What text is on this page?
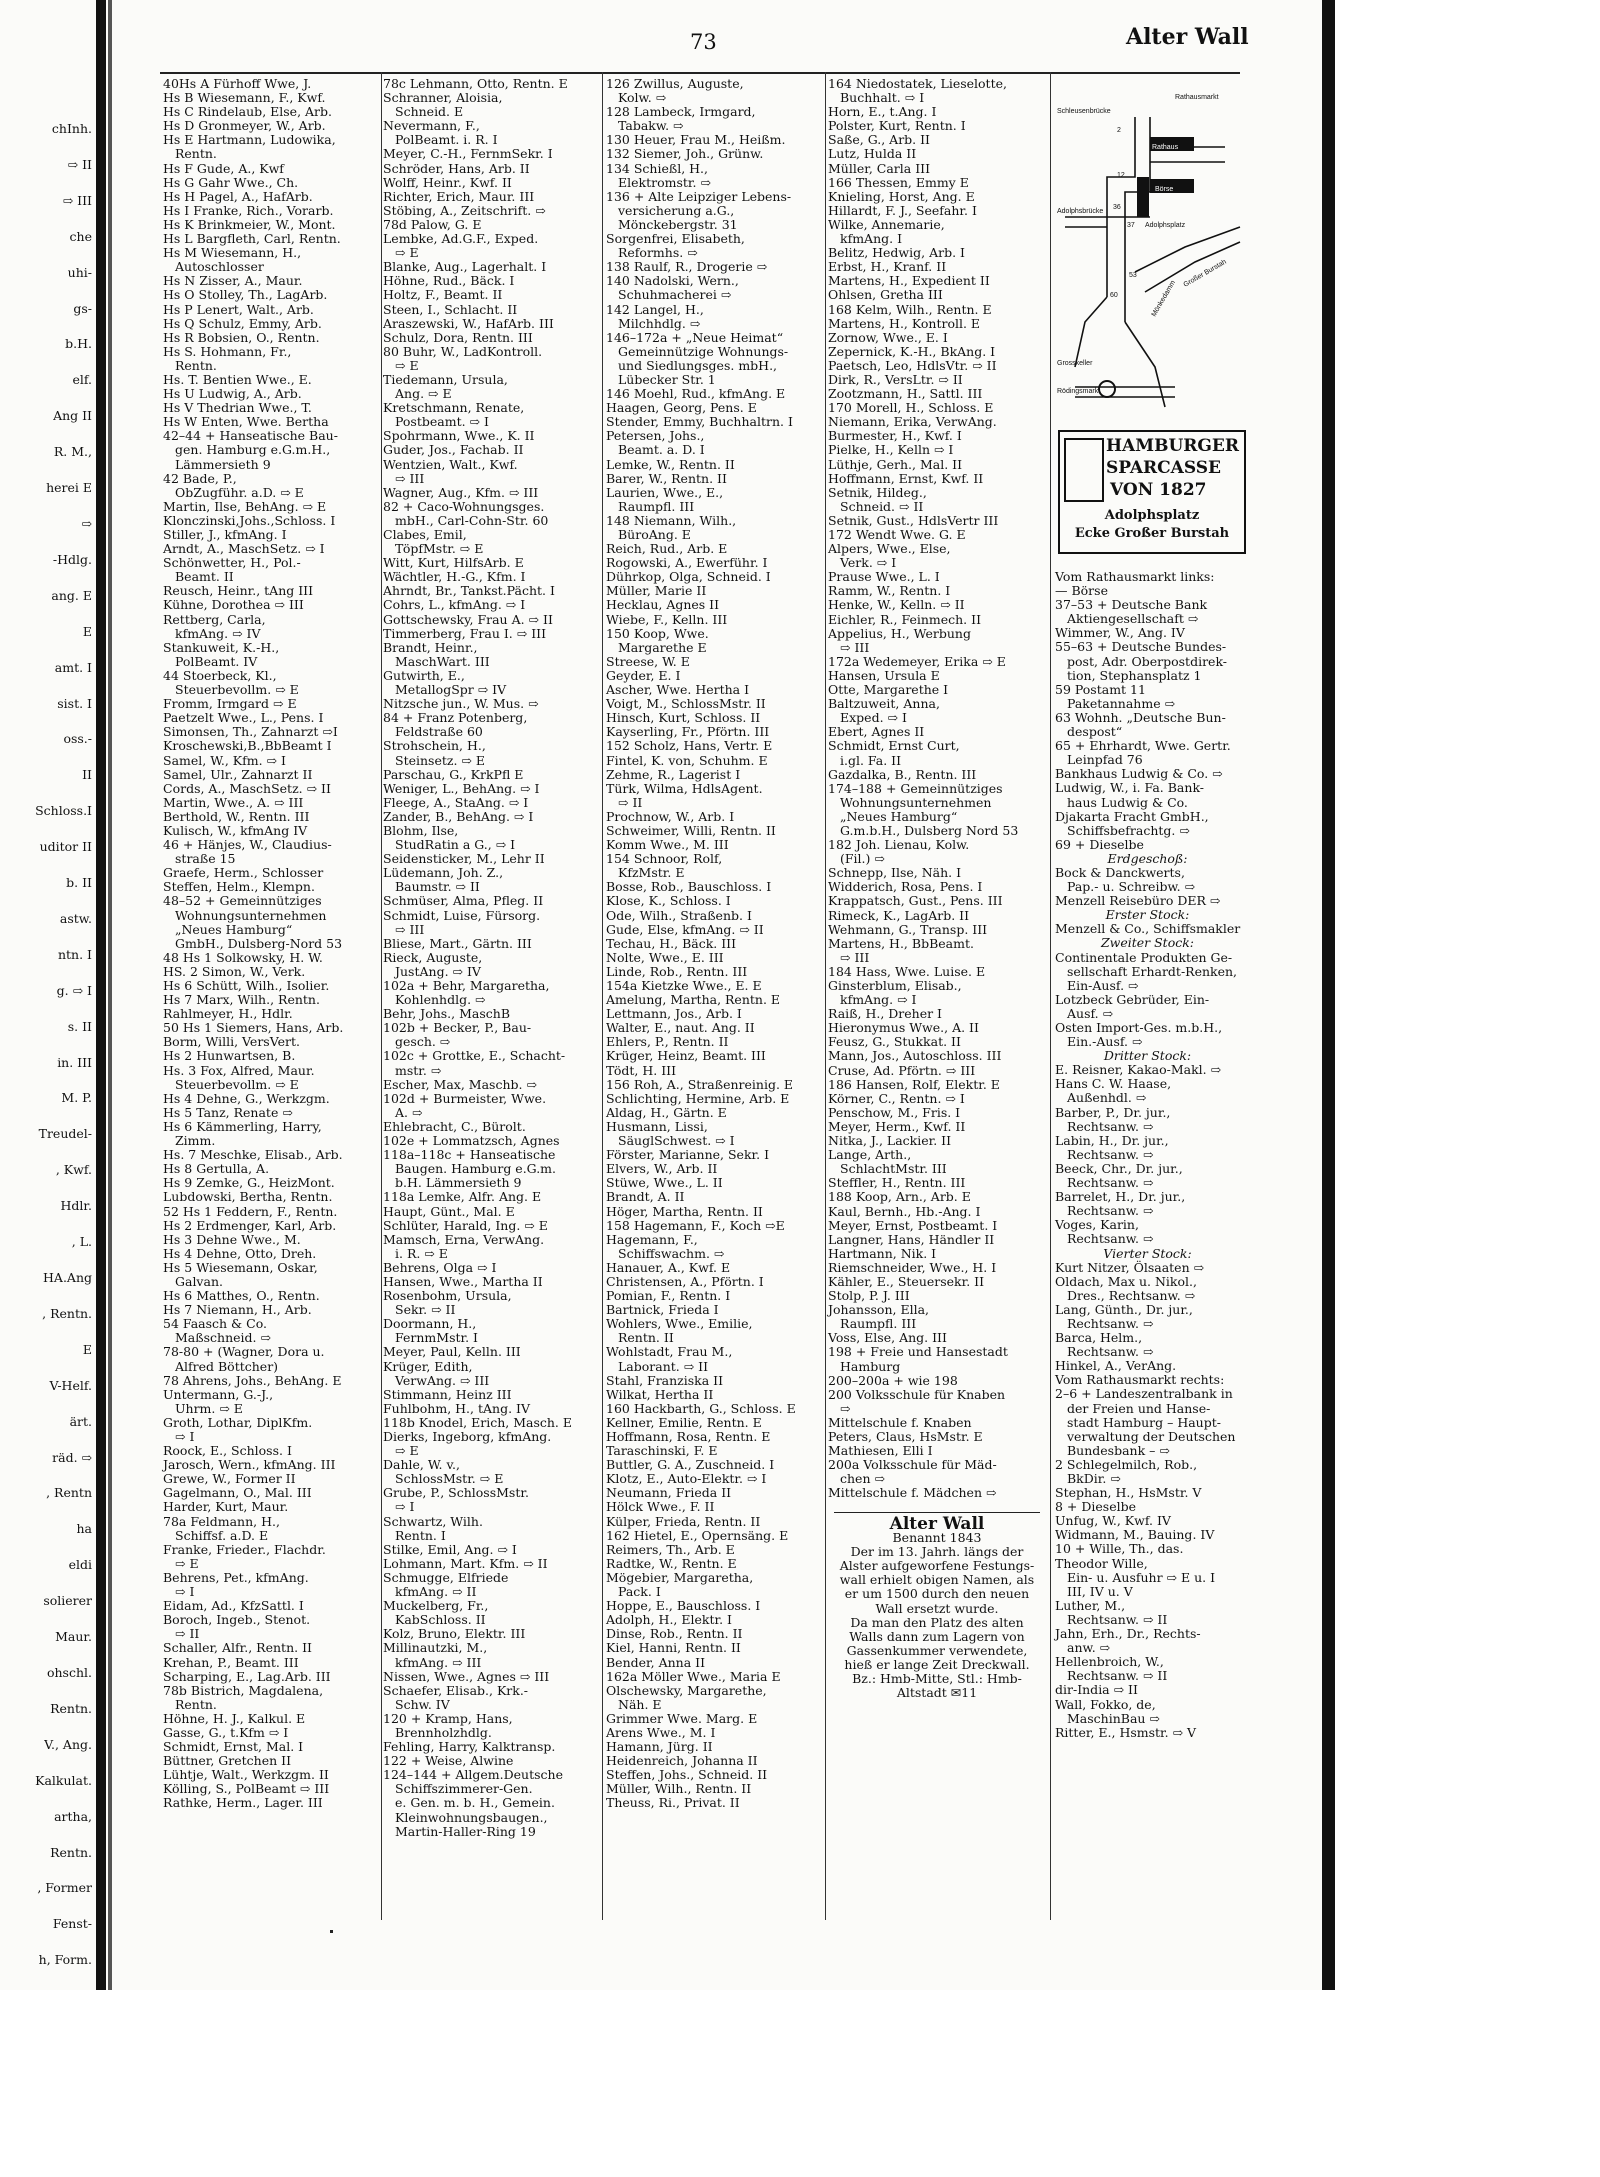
chInh.
⇨ II
⇨ III
che
uhi-
gs-
b.H.
elf.
Ang II
R. M.,
herei E
⇨
-Hdlg.
ang. E
E
amt. I
sist. I
oss.-
II
Schloss.I
uditor II
b. II
astw.
ntn. I
g. ⇨ I
s. II
in. III
M. P.
Treudel-
, Kwf.
Hdlr.
, L.
HA.Ang
, Rentn.
E
V-Helf.
ärt.
räd. ⇨
, Rentn
ha
eldi
solierer
Maur.
ohschl.
Rentn.
V., Ang.
Kalkulat.
artha,
Rentn.
, Former
Fenst-
h, Form.
73	Alter Wall
40Hs A Fürhoff Wwe, J.
Hs B Wiesemann, F., Kwf.
Hs C Rindelaub, Else, Arb.
Hs D Gronmeyer, W., Arb.
Hs E Hartmann, Ludowika,
Rentn.
Hs F Gude, A., Kwf
Hs G Gahr Wwe., Ch.
Hs H Pagel, A., HafArb.
Hs I Franke, Rich., Vorarb.
Hs K Brinkmeier, W., Mont.
Hs L Bargfleth, Carl, Rentn.
Hs M Wiesemann, H.,
Autoschlosser
Hs N Zisser, A., Maur.
Hs O Stolley, Th., LagArb.
Hs P Lenert, Walt., Arb.
Hs Q Schulz, Emmy, Arb.
Hs R Bobsien, O., Rentn.
Hs S. Hohmann, Fr.,
Rentn.
Hs. T. Bentien Wwe., E.
Hs U Ludwig, A., Arb.
Hs V Thedrian Wwe., T.
Hs W Enten, Wwe. Bertha
42–44 + Hanseatische Bau-
gen. Hamburg e.G.m.H.,
Lämmersieth 9
42 Bade, P.,
ObZugführ. a.D. ⇨ E
Martin, Ilse, BehAng. ⇨ E
Klonczinski,Johs.,Schloss. I
Stiller, J., kfmAng. I
Arndt, A., MaschSetz. ⇨ I
Schönwetter, H., Pol.-
Beamt. II
Reusch, Heinr., tAng III
Kühne, Dorothea ⇨ III
Rettberg, Carla,
kfmAng. ⇨ IV
Stankuweit, K.-H.,
PolBeamt. IV
44 Stoerbeck, Kl.,
Steuerbevollm. ⇨ E
Fromm, Irmgard ⇨ E
Paetzelt Wwe., L., Pens. I
Simonsen, Th., Zahnarzt ⇨I
Kroschewski,B.,BbBeamt I
Samel, W., Kfm. ⇨ I
Samel, Ulr., Zahnarzt II
Cords, A., MaschSetz. ⇨ II
Martin, Wwe., A. ⇨ III
Berthold, W., Rentn. III
Kulisch, W., kfmAng IV
46 + Hänjes, W., Claudius-
straße 15
Graefe, Herm., Schlosser
Steffen, Helm., Klempn.
48–52 + Gemeinnütziges
Wohnungsunternehmen
„Neues Hamburg“
GmbH., Dulsberg-Nord 53
48 Hs 1 Solkowsky, H. W.
HS. 2 Simon, W., Verk.
Hs 6 Schütt, Wilh., Isolier.
Hs 7 Marx, Wilh., Rentn.
Rahlmeyer, H., Hdlr.
50 Hs 1 Siemers, Hans, Arb.
Borm, Willi, VersVert.
Hs 2 Hunwartsen, B.
Hs. 3 Fox, Alfred, Maur.
Steuerbevollm. ⇨ E
Hs 4 Dehne, G., Werkzgm.
Hs 5 Tanz, Renate ⇨
Hs 6 Kämmerling, Harry,
Zimm.
Hs. 7 Meschke, Elisab., Arb.
Hs 8 Gertulla, A.
Hs 9 Zemke, G., HeizMont.
Lubdowski, Bertha, Rentn.
52 Hs 1 Feddern, F., Rentn.
Hs 2 Erdmenger, Karl, Arb.
Hs 3 Dehne Wwe., M.
Hs 4 Dehne, Otto, Dreh.
Hs 5 Wiesemann, Oskar,
Galvan.
Hs 6 Matthes, O., Rentn.
Hs 7 Niemann, H., Arb.
54 Faasch & Co.
Maßschneid. ⇨
78-80 + (Wagner, Dora u.
Alfred Böttcher)
78 Ahrens, Johs., BehAng. E
Untermann, G.-J.,
Uhrm. ⇨ E
Groth, Lothar, DiplKfm.
⇨ I
Roock, E., Schloss. I
Jarosch, Wern., kfmAng. III
Grewe, W., Former II
Gagelmann, O., Mal. III
Harder, Kurt, Maur.
78a Feldmann, H.,
Schiffsf. a.D. E
Franke, Frieder., Flachdr.
⇨ E
Behrens, Pet., kfmAng.
⇨ I
Eidam, Ad., KfzSattl. I
Boroch, Ingeb., Stenot.
⇨ II
Schaller, Alfr., Rentn. II
Krehan, P., Beamt. III
Scharping, E., Lag.Arb. III
78b Bistrich, Magdalena,
Rentn.
Höhne, H. J., Kalkul. E
Gasse, G., t.Kfm ⇨ I
Schmidt, Ernst, Mal. I
Büttner, Gretchen II
Lühtje, Walt., Werkzgm. II
Kölling, S., PolBeamt ⇨ III
Rathke, Herm., Lager. III
78c Lehmann, Otto, Rentn. E
Schranner, Aloisia,
Schneid. E
Nevermann, F.,
PolBeamt. i. R. I
Meyer, C.-H., FernmSekr. I
Schröder, Hans, Arb. II
Wolff, Heinr., Kwf. II
Richter, Erich, Maur. III
Stöbing, A., Zeitschrift. ⇨
78d Palow, G. E
Lembke, Ad.G.F., Exped.
⇨ E
Blanke, Aug., Lagerhalt. I
Höhne, Rud., Bäck. I
Holtz, F., Beamt. II
Steen, I., Schlacht. II
Araszewski, W., HafArb. III
Schulz, Dora, Rentn. III
80 Buhr, W., LadKontroll.
⇨ E
Tiedemann, Ursula,
Ang. ⇨ E
Kretschmann, Renate,
Postbeamt. ⇨ I
Spohrmann, Wwe., K. II
Guder, Jos., Fachab. II
Wentzien, Walt., Kwf.
⇨ III
Wagner, Aug., Kfm. ⇨ III
82 + Caco-Wohnungsges.
mbH., Carl-Cohn-Str. 60
Clabes, Emil,
TöpfMstr. ⇨ E
Witt, Kurt, HilfsArb. E
Wächtler, H.-G., Kfm. I
Ahrndt, Br., Tankst.Pächt. I
Cohrs, L., kfmAng. ⇨ I
Gottschewsky, Frau A. ⇨ II
Timmerberg, Frau I. ⇨ III
Brandt, Heinr.,
MaschWart. III
Gutwirth, E.,
MetallogSpr ⇨ IV
Nitzsche jun., W. Mus. ⇨
84 + Franz Potenberg,
Feldstraße 60
Strohschein, H.,
Steinsetz. ⇨ E
Parschau, G., KrkPfl E
Weniger, L., BehAng. ⇨ I
Fleege, A., StaAng. ⇨ I
Zander, B., BehAng. ⇨ I
Blohm, Ilse,
StudRatin a G., ⇨ I
Seidensticker, M., Lehr II
Lüdemann, Joh. Z.,
Baumstr. ⇨ II
Schmüser, Alma, Pfleg. II
Schmidt, Luise, Fürsorg.
⇨ III
Bliese, Mart., Gärtn. III
Rieck, Auguste,
JustAng. ⇨ IV
102a + Behr, Margaretha,
Kohlenhdlg. ⇨
Behr, Johs., MaschB
102b + Becker, P., Bau-
gesch. ⇨
102c + Grottke, E., Schacht-
mstr. ⇨
Escher, Max, Maschb. ⇨
102d + Burmeister, Wwe.
A. ⇨
Ehlebracht, C., Bürolt.
102e + Lommatzsch, Agnes
118a–118c + Hanseatische
Baugen. Hamburg e.G.m.
b.H. Lämmersieth 9
118a Lemke, Alfr. Ang. E
Haupt, Günt., Mal. E
Schlüter, Harald, Ing. ⇨ E
Mamsch, Erna, VerwAng.
i. R. ⇨ E
Behrens, Olga ⇨ I
Hansen, Wwe., Martha II
Rosenbohm, Ursula,
Sekr. ⇨ II
Doormann, H.,
FernmMstr. I
Meyer, Paul, Kelln. III
Krüger, Edith,
VerwAng. ⇨ III
Stimmann, Heinz III
Fuhlbohm, H., tAng. IV
118b Knodel, Erich, Masch. E
Dierks, Ingeborg, kfmAng.
⇨ E
Dahle, W. v.,
SchlossMstr. ⇨ E
Grube, P., SchlossMstr.
⇨ I
Schwartz, Wilh.
Rentn. I
Stilke, Emil, Ang. ⇨ I
Lohmann, Mart. Kfm. ⇨ II
Schmugge, Elfriede
kfmAng. ⇨ II
Muckelberg, Fr.,
KabSchloss. II
Kolz, Bruno, Elektr. III
Millinautzki, M.,
kfmAng. ⇨ III
Nissen, Wwe., Agnes ⇨ III
Schaefer, Elisab., Krk.-
Schw. IV
120 + Kramp, Hans,
Brennholzhdlg.
Fehling, Harry, Kalktransp.
122 + Weise, Alwine
124–144 + Allgem.Deutsche
Schiffszimmerer-Gen.
e. Gen. m. b. H., Gemein.
Kleinwohnungsbaugen.,
Martin-Haller-Ring 19
126 Zwillus, Auguste,
Kolw. ⇨
128 Lambeck, Irmgard,
Tabakw. ⇨
130 Heuer, Frau M., Heißm.
132 Siemer, Joh., Grünw.
134 Schießl, H.,
Elektromstr. ⇨
136 + Alte Leipziger Lebens-
versicherung a.G.,
Mönckebergstr. 31
Sorgenfrei, Elisabeth,
Reformhs. ⇨
138 Raulf, R., Drogerie ⇨
140 Nadolski, Wern.,
Schuhmacherei ⇨
142 Langel, H.,
Milchhdlg. ⇨
146–172a + „Neue Heimat“
Gemeinnützige Wohnungs-
und Siedlungsges. mbH.,
Lübecker Str. 1
146 Moehl, Rud., kfmAng. E
Haagen, Georg, Pens. E
Stender, Emmy, Buchhaltrn. I
Petersen, Johs.,
Beamt. a. D. I
Lemke, W., Rentn. II
Barer, W., Rentn. II
Laurien, Wwe., E.,
Raumpfl. III
148 Niemann, Wilh.,
BüroAng. E
Reich, Rud., Arb. E
Rogowski, A., Ewerführ. I
Dührkop, Olga, Schneid. I
Müller, Marie II
Hecklau, Agnes II
Wiebe, F., Kelln. III
150 Koop, Wwe.
Margarethe E
Streese, W. E
Geyder, E. I
Ascher, Wwe. Hertha I
Voigt, M., SchlossMstr. II
Hinsch, Kurt, Schloss. II
Kayserling, Fr., Pförtn. III
152 Scholz, Hans, Vertr. E
Fintel, K. von, Schuhm. E
Zehme, R., Lagerist I
Türk, Wilma, HdlsAgent.
⇨ II
Prochnow, W., Arb. I
Schweimer, Willi, Rentn. II
Komm Wwe., M. III
154 Schnoor, Rolf,
KfzMstr. E
Bosse, Rob., Bauschloss. I
Klose, K., Schloss. I
Ode, Wilh., Straßenb. I
Gude, Else, kfmAng. ⇨ II
Techau, H., Bäck. III
Nolte, Wwe., E. III
Linde, Rob., Rentn. III
154a Kietzke Wwe., E. E
Amelung, Martha, Rentn. E
Lettmann, Jos., Arb. I
Walter, E., naut. Ang. II
Ehlers, P., Rentn. II
Krüger, Heinz, Beamt. III
Tödt, H. III
156 Roh, A., Straßenreinig. E
Schlichting, Hermine, Arb. E
Aldag, H., Gärtn. E
Husmann, Lissi,
SäuglSchwest. ⇨ I
Förster, Marianne, Sekr. I
Elvers, W., Arb. II
Stüwe, Wwe., L. II
Brandt, A. II
Höger, Martha, Rentn. II
158 Hagemann, F., Koch ⇨E
Hagemann, F.,
Schiffswachm. ⇨
Hanauer, A., Kwf. E
Christensen, A., Pförtn. I
Pomian, F., Rentn. I
Bartnick, Frieda I
Wohlers, Wwe., Emilie,
Rentn. II
Wohlstadt, Frau M.,
Laborant. ⇨ II
Stahl, Franziska II
Wilkat, Hertha II
160 Hackbarth, G., Schloss. E
Kellner, Emilie, Rentn. E
Hoffmann, Rosa, Rentn. E
Taraschinski, F. E
Buttler, G. A., Zuschneid. I
Klotz, E., Auto-Elektr. ⇨ I
Neumann, Frieda II
Hölck Wwe., F. II
Külper, Frieda, Rentn. II
162 Hietel, E., Opernsäng. E
Reimers, Th., Arb. E
Radtke, W., Rentn. E
Mögebier, Margaretha,
Pack. I
Hoppe, E., Bauschloss. I
Adolph, H., Elektr. I
Dinse, Rob., Rentn. II
Kiel, Hanni, Rentn. II
Bender, Anna II
162a Möller Wwe., Maria E
Olschewsky, Margarethe,
Näh. E
Grimmer Wwe. Marg. E
Arens Wwe., M. I
Hamann, Jürg. II
Heidenreich, Johanna II
Steffen, Johs., Schneid. II
Müller, Wilh., Rentn. II
Theuss, Ri., Privat. II
164 Niedostatek, Lieselotte,
Buchhalt. ⇨ I
Horn, E., t.Ang. I
Polster, Kurt, Rentn. I
Saße, G., Arb. II
Lutz, Hulda II
Müller, Carla III
166 Thessen, Emmy E
Knieling, Horst, Ang. E
Hillardt, F. J., Seefahr. I
Wilke, Annemarie,
kfmAng. I
Belitz, Hedwig, Arb. I
Erbst, H., Kranf. II
Martens, H., Expedient II
Ohlsen, Gretha III
168 Kelm, Wilh., Rentn. E
Martens, H., Kontroll. E
Zornow, Wwe., E. I
Zepernick, K.-H., BkAng. I
Paetsch, Leo, HdlsVtr. ⇨ II
Dirk, R., VersLtr. ⇨ II
Zootzmann, H., Sattl. III
170 Morell, H., Schloss. E
Niemann, Erika, VerwAng.
Burmester, H., Kwf. I
Pielke, H., Kelln ⇨ I
Lüthje, Gerh., Mal. II
Hoffmann, Ernst, Kwf. II
Setnik, Hildeg.,
Schneid. ⇨ II
Setnik, Gust., HdlsVertr III
172 Wendt Wwe. G. E
Alpers, Wwe., Else,
Verk. ⇨ I
Prause Wwe., L. I
Ramm, W., Rentn. I
Henke, W., Kelln. ⇨ II
Eichler, R., Feinmech. II
Appelius, H., Werbung
⇨ III
172a Wedemeyer, Erika ⇨ E
Hansen, Ursula E
Otte, Margarethe I
Baltzuweit, Anna,
Exped. ⇨ I
Ebert, Agnes II
Schmidt, Ernst Curt,
i.gl. Fa. II
Gazdalka, B., Rentn. III
174–188 + Gemeinnütziges
Wohnungsunternehmen
„Neues Hamburg“
G.m.b.H., Dulsberg Nord 53
182 Joh. Lienau, Kolw.
(Fil.) ⇨
Schnepp, Ilse, Näh. I
Widderich, Rosa, Pens. I
Krappatsch, Gust., Pens. III
Rimeck, K., LagArb. II
Wehmann, G., Transp. III
Martens, H., BbBeamt.
⇨ III
184 Hass, Wwe. Luise. E
Ginsterblum, Elisab.,
kfmAng. ⇨ I
Raiß, H., Dreher I
Hieronymus Wwe., A. II
Feusz, G., Stukkat. II
Mann, Jos., Autoschloss. III
Cruse, Ad. Pförtn. ⇨ III
186 Hansen, Rolf, Elektr. E
Körner, C., Rentn. ⇨ I
Penschow, M., Fris. I
Meyer, Herm., Kwf. II
Nitka, J., Lackier. II
Lange, Arth.,
SchlachtMstr. III
Steffler, H., Rentn. III
188 Koop, Arn., Arb. E
Kaul, Bernh., Hb.-Ang. I
Meyer, Ernst, Postbeamt. I
Langner, Hans, Händler II
Hartmann, Nik. I
Riemschneider, Wwe., H. I
Kähler, E., Steuersekr. II
Stolp, P. J. III
Johansson, Ella,
Raumpfl. III
Voss, Else, Ang. III
198 + Freie und Hansestadt
Hamburg
200–200a + wie 198
200 Volksschule für Knaben
⇨
Mittelschule f. Knaben
Peters, Claus, HsMstr. E
Mathiesen, Elli I
200a Volksschule für Mäd-
chen ⇨
Mittelschule f. Mädchen ⇨
Alter Wall
Benannt 1843
Der im 13. Jahrh. längs der
Alster aufgeworfene Festungs-
wall erhielt obigen Namen, als
er um 1500 durch den neuen
Wall ersetzt wurde.
Da man den Platz des alten
Walls dann zum Lagern von
Gassenkummer verwendete,
hieß er lange Zeit Dreckwall.
Bz.: Hmb-Mitte, Stl.: Hmb-
Altstadt ✉11
Schleusenbrücke
Rathausmarkt
Rathaus
Börse
Adolphsbrücke
Adolphsplatz
Großer Burstah
Rödingsmarkt
Grosskeller
Mönkedamm
2
12
36
37
53
60
HAMBURGER
SPARCASSE
VON 1827
Adolphsplatz
Ecke Großer Burstah
Vom Rathausmarkt links:
— Börse
37–53 + Deutsche Bank
Aktiengesellschaft ⇨
Wimmer, W., Ang. IV
55–63 + Deutsche Bundes-
post, Adr. Oberpostdirek-
tion, Stephansplatz 1
59 Postamt 11
Paketannahme ⇨
63 Wohnh. „Deutsche Bun-
despost“
65 + Ehrhardt, Wwe. Gertr.
Leinpfad 76
Bankhaus Ludwig & Co. ⇨
Ludwig, W., i. Fa. Bank-
haus Ludwig & Co.
Djakarta Fracht GmbH.,
Schiffsbefrachtg. ⇨
69 + Dieselbe
Erdgeschoß:
Bock & Danckwerts,
Pap.- u. Schreibw. ⇨
Menzell Reisebüro DER ⇨
Erster Stock:
Menzell & Co., Schiffsmakler
Zweiter Stock:
Continentale Produkten Ge-
sellschaft Erhardt-Renken,
Ein-Ausf. ⇨
Lotzbeck Gebrüder, Ein-
Ausf. ⇨
Osten Import-Ges. m.b.H.,
Ein.-Ausf. ⇨
Dritter Stock:
E. Reisner, Kakao-Makl. ⇨
Hans C. W. Haase,
Außenhdl. ⇨
Barber, P., Dr. jur.,
Rechtsanw. ⇨
Labin, H., Dr. jur.,
Rechtsanw. ⇨
Beeck, Chr., Dr. jur.,
Rechtsanw. ⇨
Barrelet, H., Dr. jur.,
Rechtsanw. ⇨
Voges, Karin,
Rechtsanw. ⇨
Vierter Stock:
Kurt Nitzer, Ölsaaten ⇨
Oldach, Max u. Nikol.,
Dres., Rechtsanw. ⇨
Lang, Günth., Dr. jur.,
Rechtsanw. ⇨
Barca, Helm.,
Rechtsanw. ⇨
Hinkel, A., VerAng.
Vom Rathausmarkt rechts:
2–6 + Landeszentralbank in
der Freien und Hanse-
stadt Hamburg – Haupt-
verwaltung der Deutschen
Bundesbank – ⇨
2 Schlegelmilch, Rob.,
BkDir. ⇨
Stephan, H., HsMstr. V
8 + Dieselbe
Unfug, W., Kwf. IV
Widmann, M., Bauing. IV
10 + Wille, Th., das.
Theodor Wille,
Ein- u. Ausfuhr ⇨ E u. I
III, IV u. V
Luther, M.,
Rechtsanw. ⇨ II
Jahn, Erh., Dr., Rechts-
anw. ⇨
Hellenbroich, W.,
Rechtsanw. ⇨ II
dir-India ⇨ II
Wall, Fokko, de,
MaschinBau ⇨
Ritter, E., Hsmstr. ⇨ V
